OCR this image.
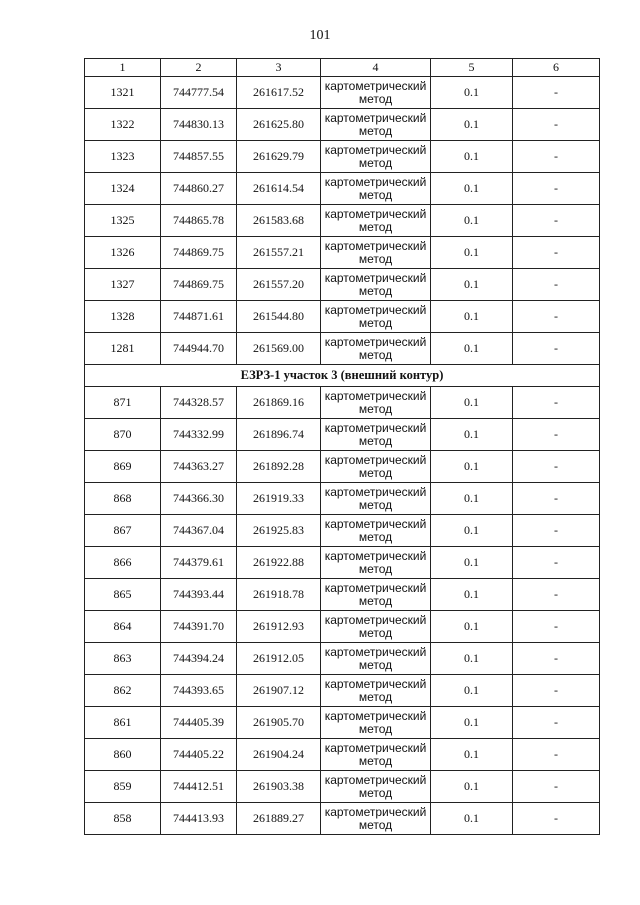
101
1	2	3	4	5	6
1321	744777.54	261617.52	картометрический метод	0.1	-
1322	744830.13	261625.80	картометрический метод	0.1	-
1323	744857.55	261629.79	картометрический метод	0.1	-
1324	744860.27	261614.54	картометрический метод	0.1	-
1325	744865.78	261583.68	картометрический метод	0.1	-
1326	744869.75	261557.21	картометрический метод	0.1	-
1327	744869.75	261557.20	картометрический метод	0.1	-
1328	744871.61	261544.80	картометрический метод	0.1	-
1281	744944.70	261569.00	картометрический метод	0.1	-
ЕЗРЗ-1 участок 3 (внешний контур)					
871	744328.57	261869.16	картометрический метод	0.1	-
870	744332.99	261896.74	картометрический метод	0.1	-
869	744363.27	261892.28	картометрический метод	0.1	-
868	744366.30	261919.33	картометрический метод	0.1	-
867	744367.04	261925.83	картометрический метод	0.1	-
866	744379.61	261922.88	картометрический метод	0.1	-
865	744393.44	261918.78	картометрический метод	0.1	-
864	744391.70	261912.93	картометрический метод	0.1	-
863	744394.24	261912.05	картометрический метод	0.1	-
862	744393.65	261907.12	картометрический метод	0.1	-
861	744405.39	261905.70	картометрический метод	0.1	-
860	744405.22	261904.24	картометрический метод	0.1	-
859	744412.51	261903.38	картометрический метод	0.1	-
858	744413.93	261889.27	картометрический метод	0.1	-
